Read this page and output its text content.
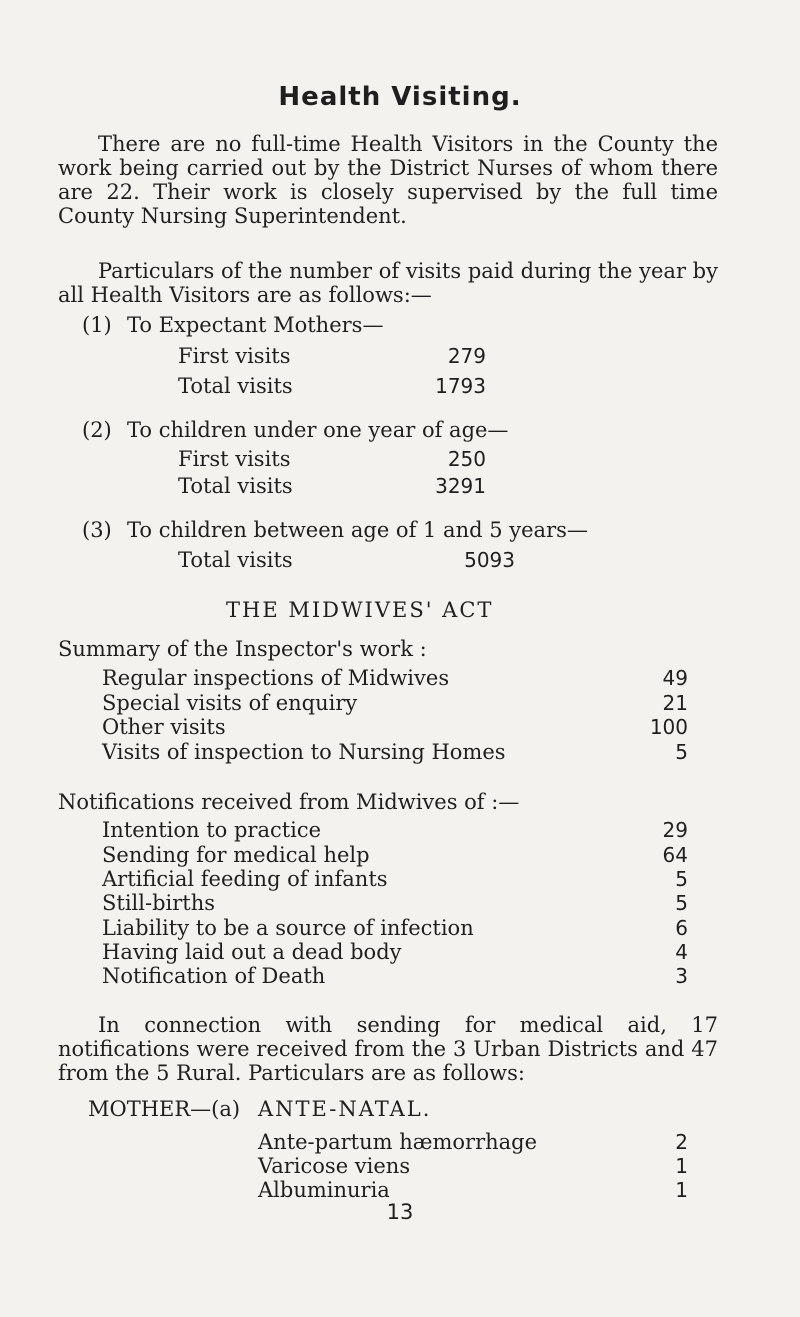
Health Visiting.
There are no full-time Health Visitors in the County the work being carried out by the District Nurses of whom there are 22. Their work is closely supervised by the full time County Nursing Superintendent.
Particulars of the number of visits paid during the year by all Health Visitors are as follows:—
(1) To Expectant Mothers—
First visits	279
Total visits	1793
(2) To children under one year of age—
First visits	250
Total visits	3291
(3) To children between age of 1 and 5 years—
Total visits	5093
THE MIDWIVES' ACT
Summary of the Inspector's work :
Regular inspections of Midwives	49
Special visits of enquiry	21
Other visits	100
Visits of inspection to Nursing Homes	5
Notifications received from Midwives of :—
Intention to practice	29
Sending for medical help	64
Artificial feeding of infants	5
Still-births	5
Liability to be a source of infection	6
Having laid out a dead body	4
Notification of Death	3
In connection with sending for medical aid, 17 notifications were received from the 3 Urban Districts and 47 from the 5 Rural. Particulars are as follows:
MOTHER—(a) ANTE-NATAL.
Ante-partum hæmorrhage	2
Varicose viens	1
Albuminuria	1
13
